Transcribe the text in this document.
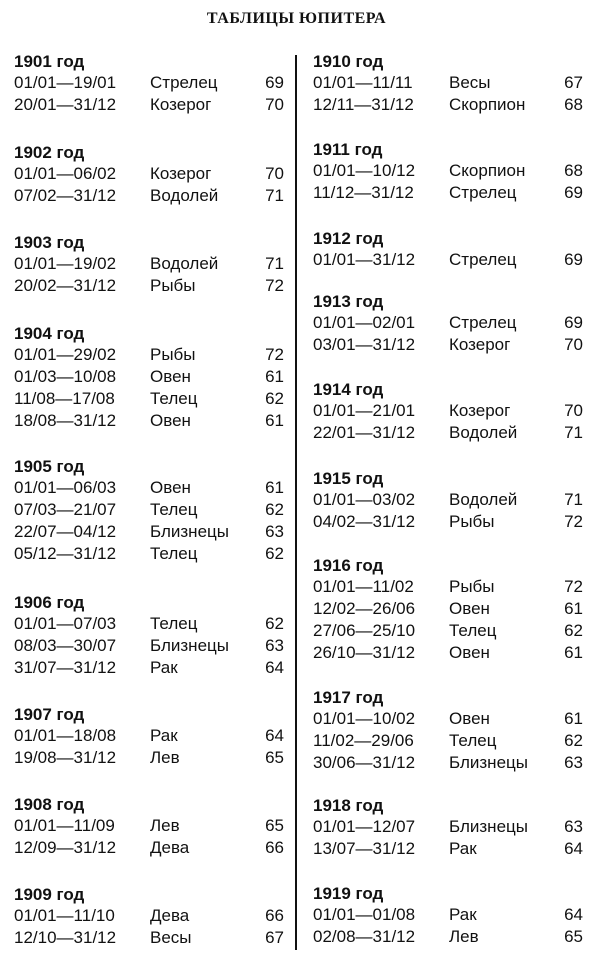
ТАБЛИЦЫ ЮПИТЕРА
1901 год
01/01—19/01 Стрелец	69
20/01—31/12 Козерог	70
1902 год
01/01—06/02 Козерог	70
07/02—31/12 Водолей	71
1903 год
01/01—19/02 Водолей	71
20/02—31/12 Рыбы	72
1904 год
01/01—29/02 Рыбы	72
01/03—10/08 Овен	61
11/08—17/08 Телец	62
18/08—31/12 Овен	61
1905 год
01/01—06/03 Овен	61
07/03—21/07 Телец	62
22/07—04/12 Близнецы 63
05/12—31/12 Телец	62
1906 год
01/01—07/03 Телец	62
08/03—30/07 Близнецы 63
31/07—31/12 Рак	64
1907 год
01/01—18/08 Рак	64
19/08—31/12 Лев	65
1908 год
01/01—11/09 Лев	65
12/09—31/12 Дева	66
1909 год
01/01—11/10 Дева	66
12/10—31/12 Весы	67
1910 год
01/01—11/11 Весы	67
12/11—31/12 Скорпион 68
1911 год
01/01—10/12 Скорпион 68
11/12—31/12 Стрелец	69
1912 год
01/01—31/12 Стрелец	69
1913 год
01/01—02/01 Стрелец	69
03/01—31/12 Козерог	70
1914 год
01/01—21/01 Козерог	70
22/01—31/12 Водолей	71
1915 год
01/01—03/02 Водолей	71
04/02—31/12 Рыбы	72
1916 год
01/01—11/02 Рыбы	72
12/02—26/06 Овен	61
27/06—25/10 Телец	62
26/10—31/12 Овен	61
1917 год
01/01—10/02 Овен	61
11/02—29/06 Телец	62
30/06—31/12 Близнецы 63
1918 год
01/01—12/07 Близнецы 63
13/07—31/12 Рак	64
1919 год
01/01—01/08 Рак	64
02/08—31/12 Лев	65
